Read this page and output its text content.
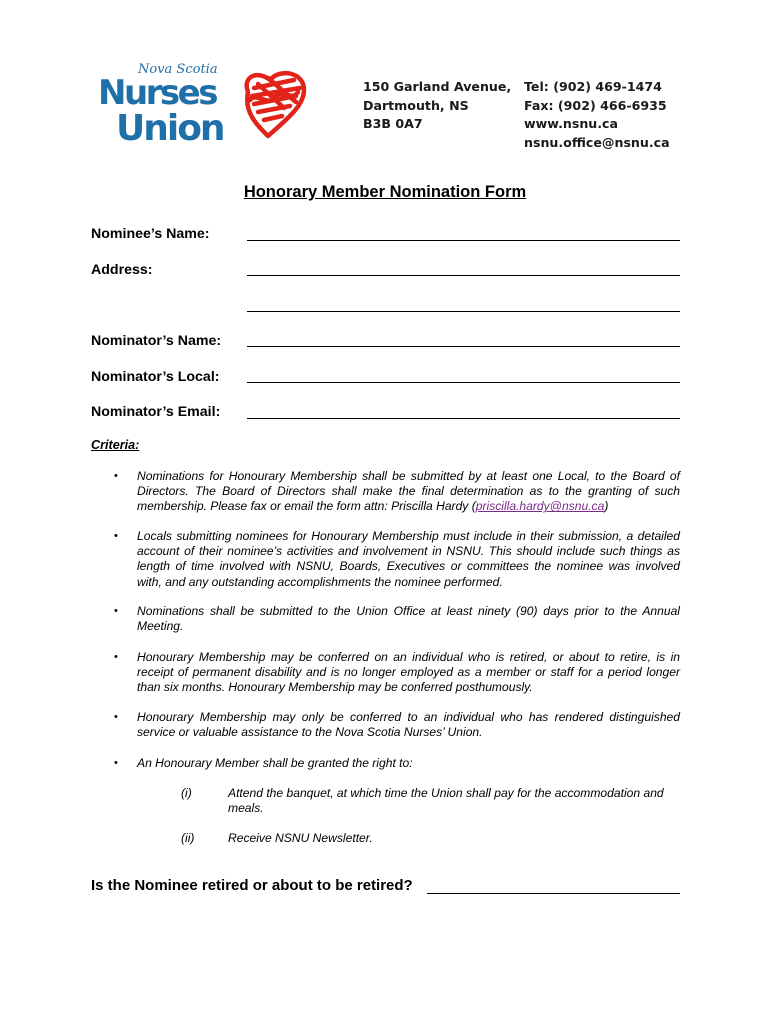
Nova Scotia
Nurses
Union
150 Garland Avenue,
Dartmouth, NS
B3B 0A7
Tel: (902) 469-1474
Fax: (902) 466-6935
www.nsnu.ca
nsnu.office@nsnu.ca
Honorary Member Nomination Form
Nominee’s Name:
Address:
Nominator’s Name:
Nominator’s Local:
Nominator’s Email:
Criteria:
• Nominations for Honourary Membership shall be submitted by at least one Local, to the Board of Directors. The Board of Directors shall make the final determination as to the granting of such membership. Please fax or email the form attn: Priscilla Hardy (priscilla.hardy@nsnu.ca)
• Locals submitting nominees for Honourary Membership must include in their submission, a detailed account of their nominee’s activities and involvement in NSNU. This should include such things as length of time involved with NSNU, Boards, Executives or committees the nominee was involved with, and any outstanding accomplishments the nominee performed.
• Nominations shall be submitted to the Union Office at least ninety (90) days prior to the Annual Meeting.
• Honourary Membership may be conferred on an individual who is retired, or about to retire, is in receipt of permanent disability and is no longer employed as a member or staff for a period longer than six months. Honourary Membership may be conferred posthumously.
• Honourary Membership may only be conferred to an individual who has rendered distinguished service or valuable assistance to the Nova Scotia Nurses’ Union.
• An Honourary Member shall be granted the right to:
(i)	Attend the banquet, at which time the Union shall pay for the accommodation and meals.
(ii)	Receive NSNU Newsletter.
Is the Nominee retired or about to be retired?
